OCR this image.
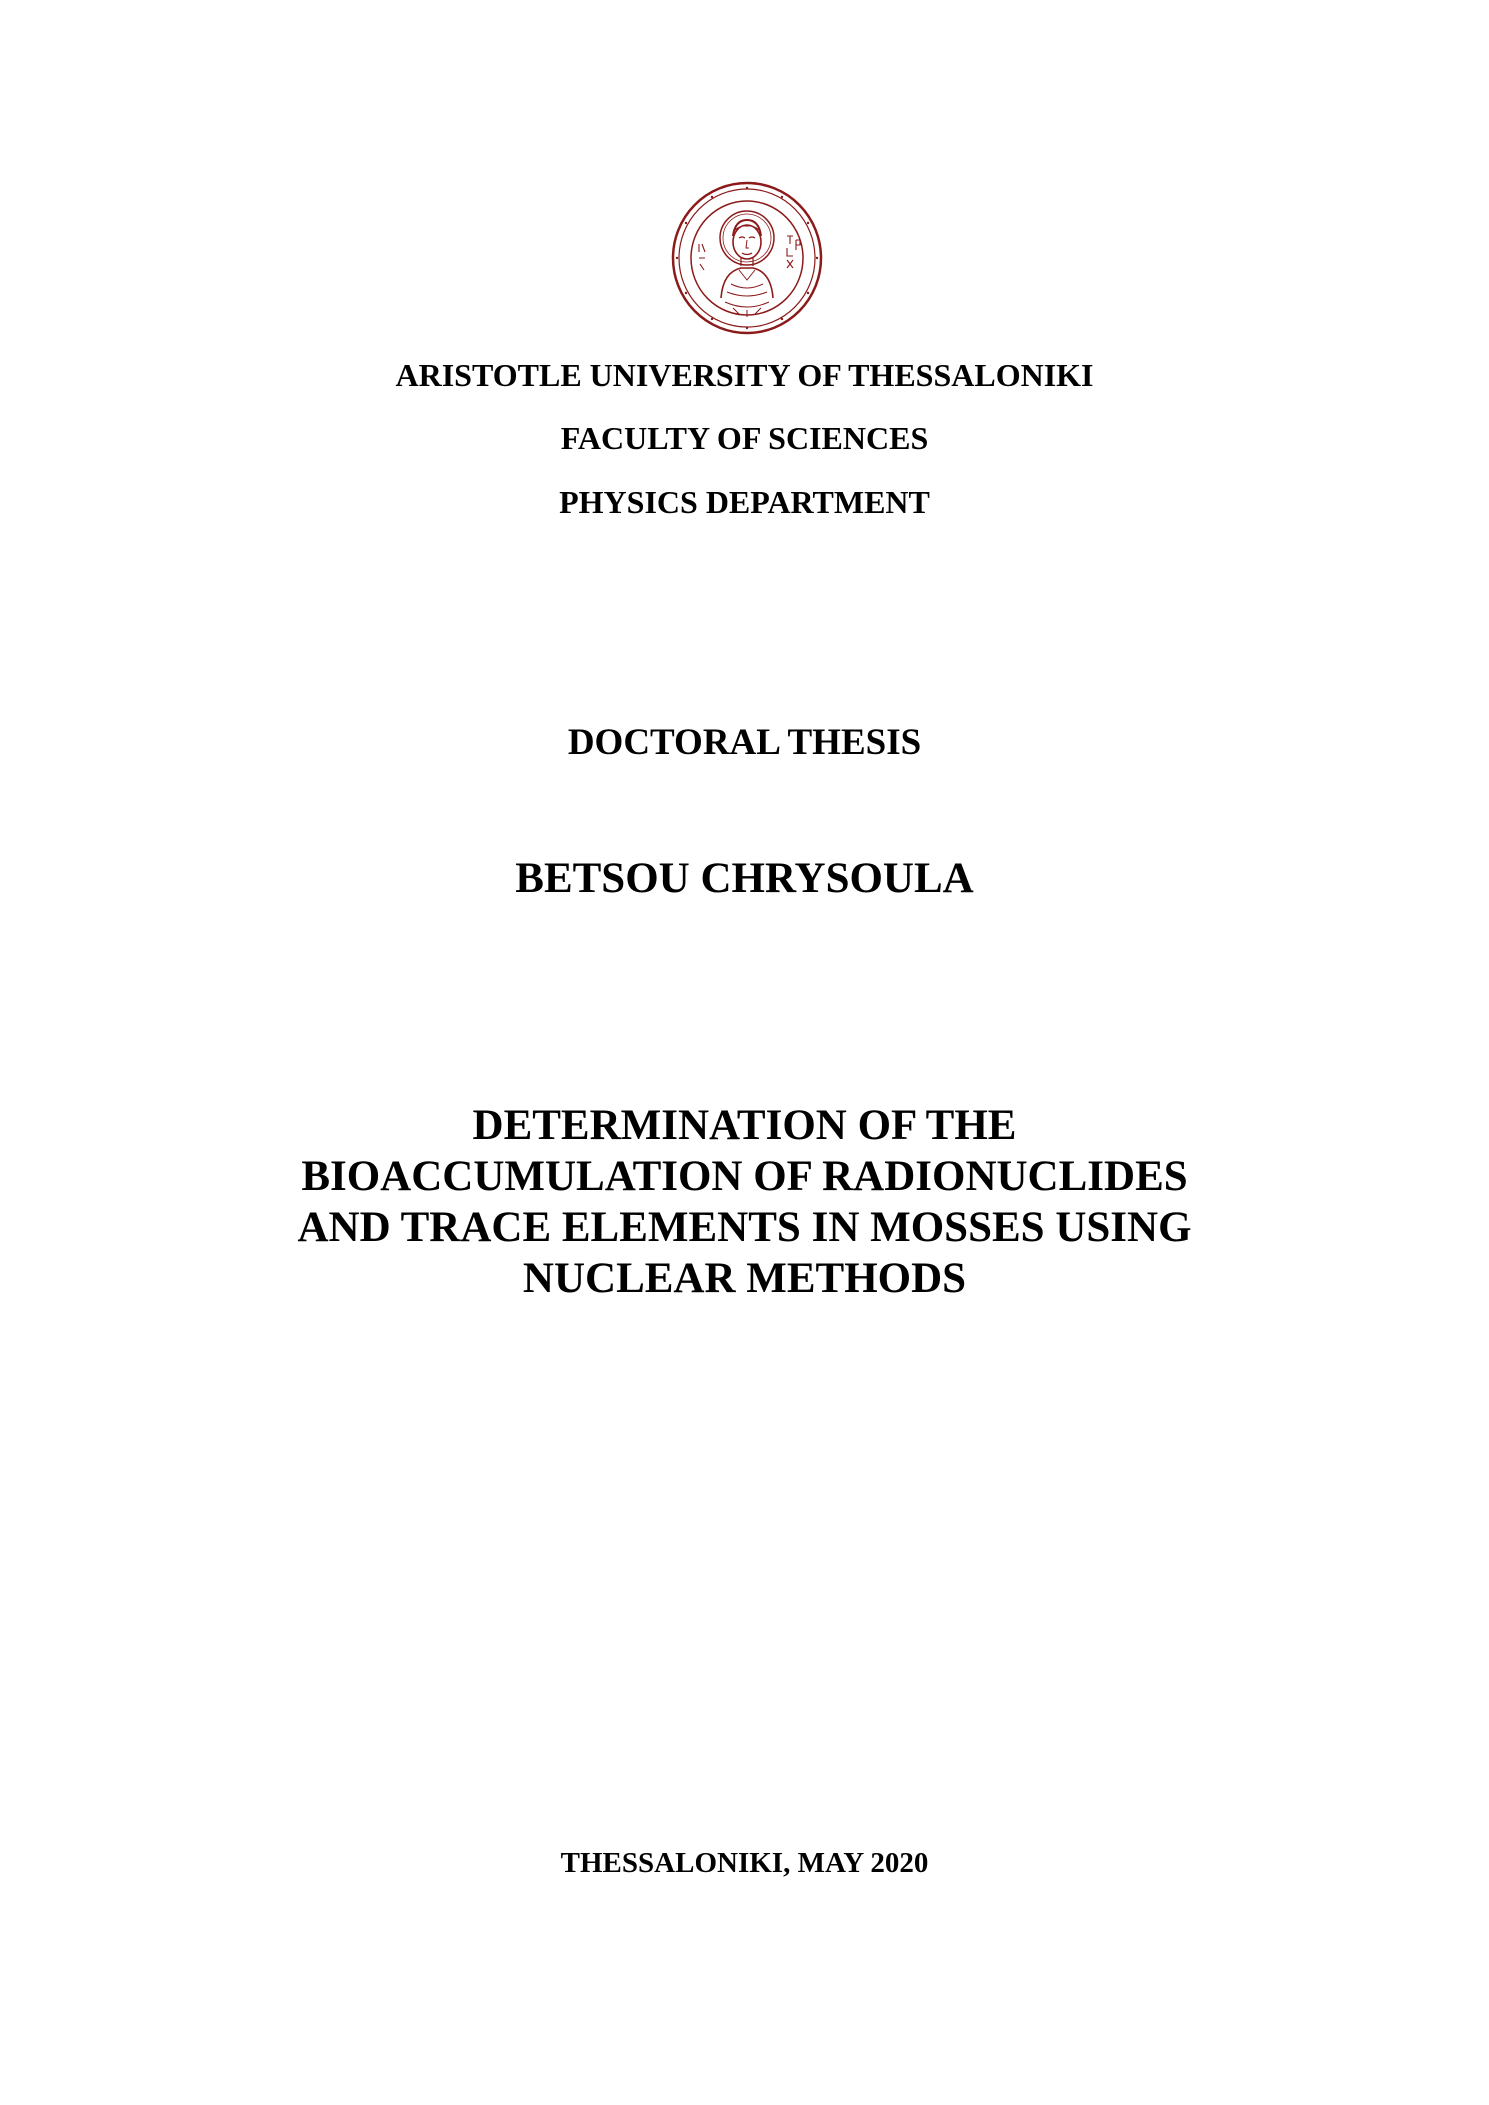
ARISTOTLE UNIVERSITY OF THESSALONIKI
FACULTY OF SCIENCES
PHYSICS DEPARTMENT
DOCTORAL THESIS
BETSOU CHRYSOULA
DETERMINATION OF THE
BIOACCUMULATION OF RADIONUCLIDES
AND TRACE ELEMENTS IN MOSSES USING
NUCLEAR METHODS
THESSALONIKI, MAY 2020
